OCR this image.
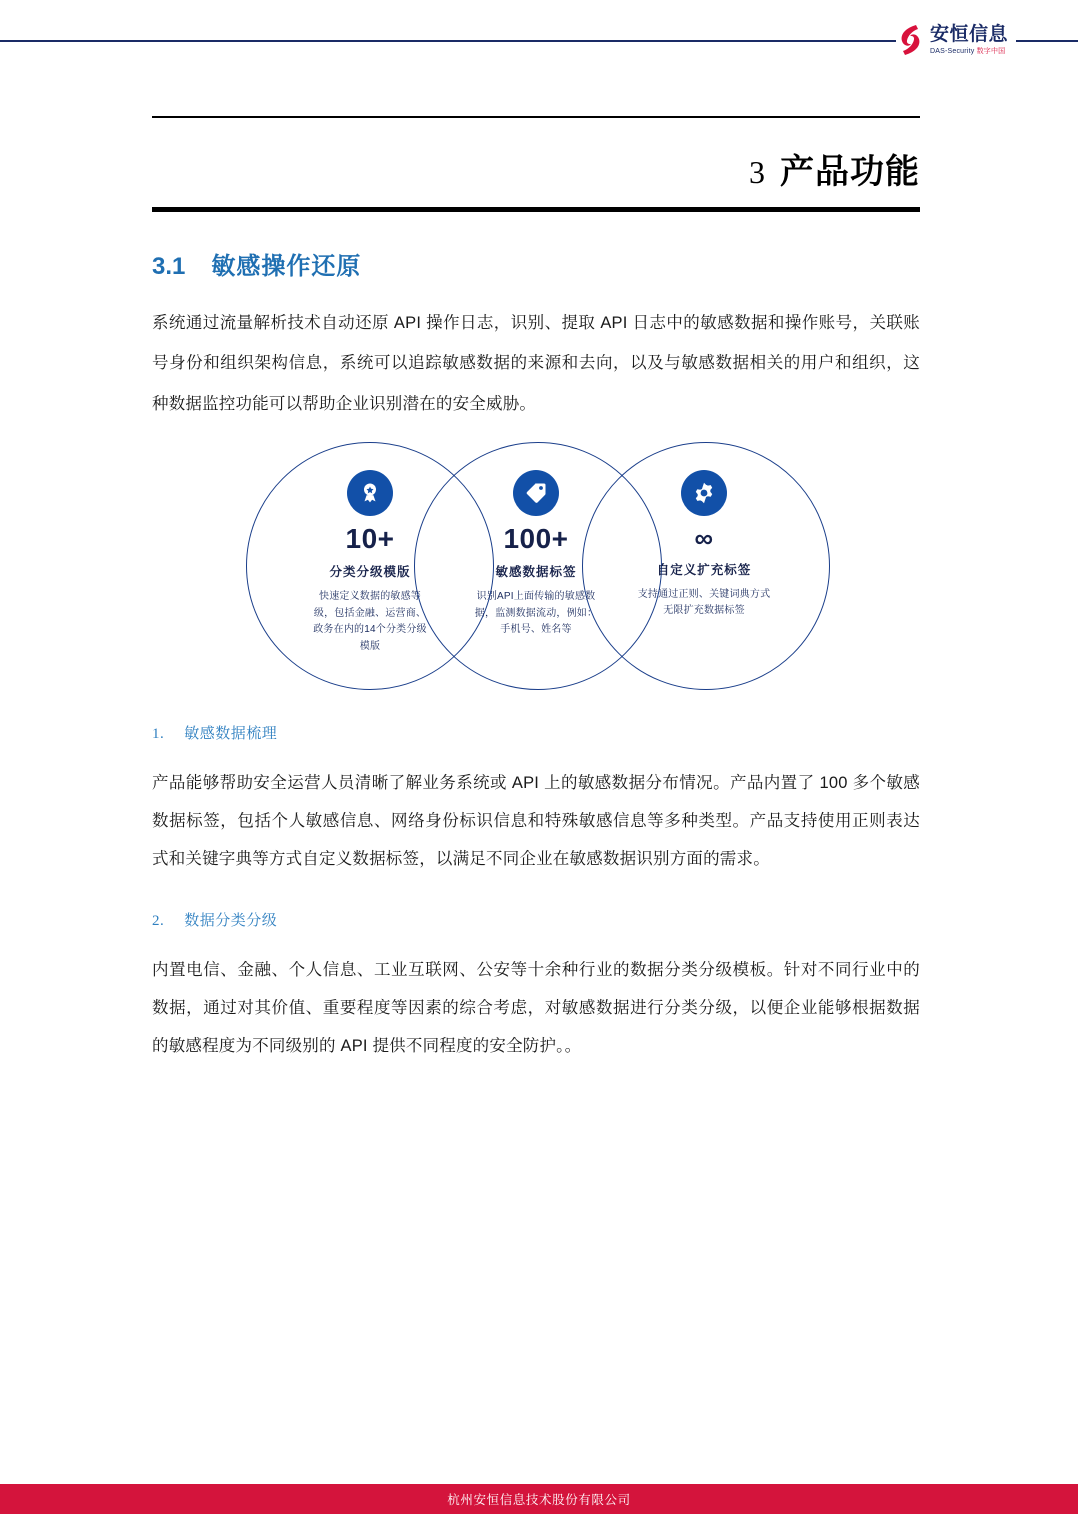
安恒信息
DAS-Security 数字中国
3 产品功能
3.1 敏感操作还原

系统通过流量解析技术自动还原 API 操作日志，识别、提取 API 日志中的敏感数据和操作账号，关联账号身份和组织架构信息，系统可以追踪敏感数据的来源和去向，以及与敏感数据相关的用户和组织，这种数据监控功能可以帮助企业识别潜在的安全威胁。

10+
分类分级模版
快速定义数据的敏感等级，包括金融、运营商、政务在内的14个分类分级模版
100+
敏感数据标签
识别API上面传输的敏感数据，监测数据流动，例如：手机号、姓名等
∞
自定义扩充标签
支持通过正则、关键词典方式无限扩充数据标签
1. 敏感数据梳理

产品能够帮助安全运营人员清晰了解业务系统或 API 上的敏感数据分布情况。产品内置了 100 多个敏感数据标签，包括个人敏感信息、网络身份标识信息和特殊敏感信息等多种类型。产品支持使用正则表达式和关键字典等方式自定义数据标签，以满足不同企业在敏感数据识别方面的需求。

2. 数据分类分级

内置电信、金融、个人信息、工业互联网、公安等十余种行业的数据分类分级模板。针对不同行业中的数据，通过对其价值、重要程度等因素的综合考虑，对敏感数据进行分类分级，以便企业能够根据数据的敏感程度为不同级别的 API 提供不同程度的安全防护。。

杭州安恒信息技术股份有限公司
